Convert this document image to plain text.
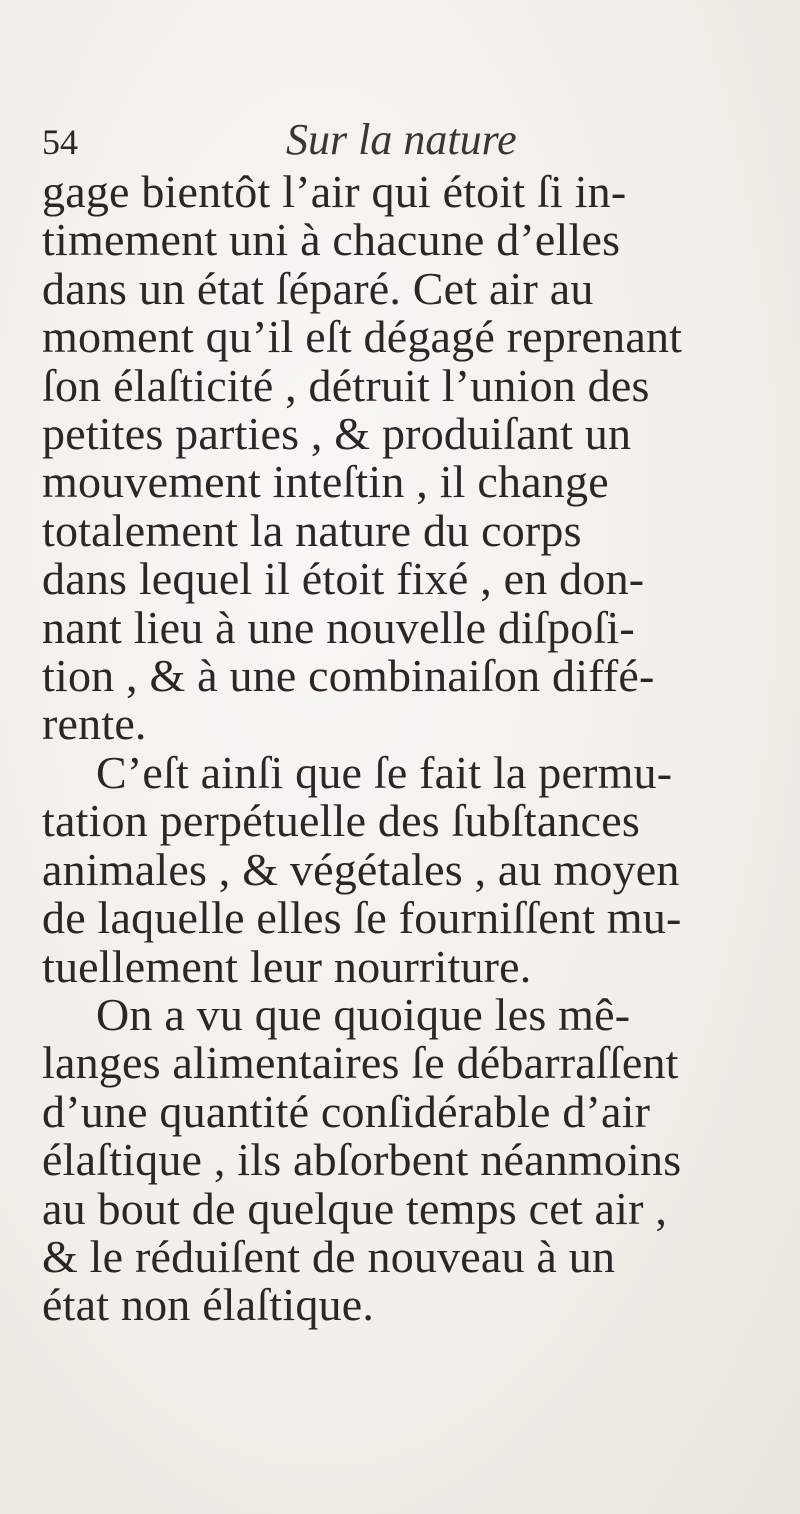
54	Sur la nature
gage bientôt l’air qui étoit ſi in-
timement uni à chacune d’elles
dans un état ſéparé. Cet air au
moment qu’il eſt dégagé reprenant
ſon élaſticité , détruit l’union des
petites parties , & produiſant un
mouvement inteſtin , il change
totalement la nature du corps
dans lequel il étoit fixé , en don-
nant lieu à une nouvelle diſpoſi-
tion , & à une combinaiſon diffé-
rente.
C’eſt ainſi que ſe fait la permu-
tation perpétuelle des ſubſtances
animales , & végétales , au moyen
de laquelle elles ſe fourniſſent mu-
tuellement leur nourriture.
On a vu que quoique les mê-
langes alimentaires ſe débarraſſent
d’une quantité conſidérable d’air
élaſtique , ils abſorbent néanmoins
au bout de quelque temps cet air ,
& le réduiſent de nouveau à un
état non élaſtique.
